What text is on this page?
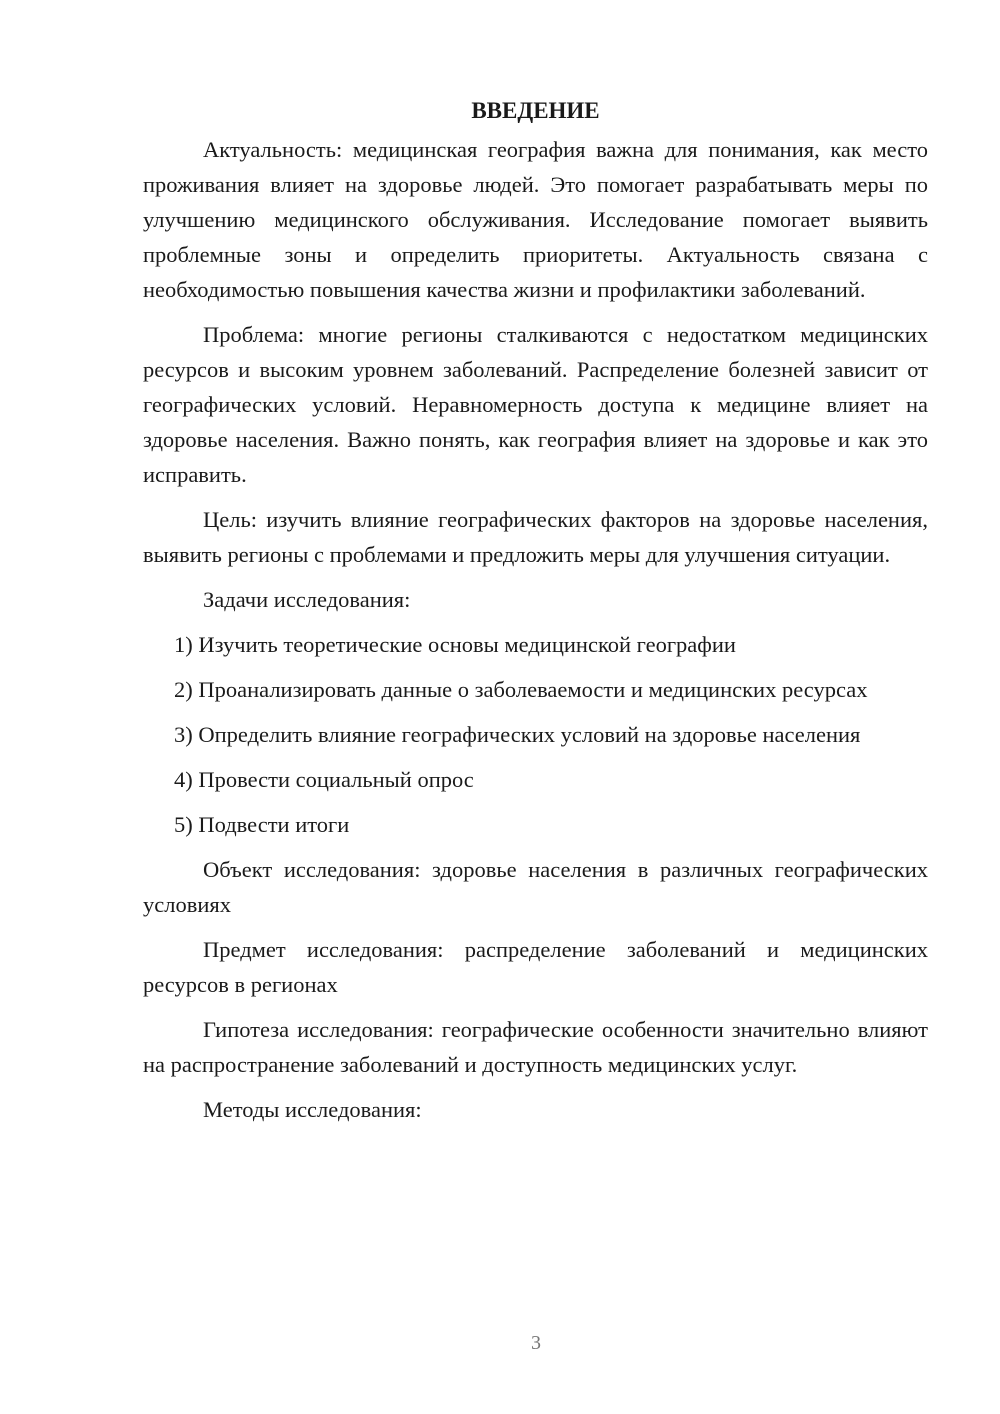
ВВЕДЕНИЕ

Актуальность: медицинская география важна для понимания, как место проживания влияет на здоровье людей. Это помогает разрабатывать меры по улучшению медицинского обслуживания. Исследование помогает выявить проблемные зоны и определить приоритеты. Актуальность связана с необходимостью повышения качества жизни и профилактики заболеваний.

Проблема: многие регионы сталкиваются с недостатком медицинских ресурсов и высоким уровнем заболеваний. Распределение болезней зависит от географических условий. Неравномерность доступа к медицине влияет на здоровье населения. Важно понять, как география влияет на здоровье и как это исправить.

Цель: изучить влияние географических факторов на здоровье населения, выявить регионы с проблемами и предложить меры для улучшения ситуации.

Задачи исследования:

1) Изучить теоретические основы медицинской географии

2) Проанализировать данные о заболеваемости и медицинских ресурсах

3) Определить влияние географических условий на здоровье населения

4) Провести социальный опрос

5) Подвести итоги

Объект исследования: здоровье населения в различных географических условиях

Предмет исследования: распределение заболеваний и медицинских ресурсов в регионах

Гипотеза исследования: географические особенности значительно влияют на распространение заболеваний и доступность медицинских услуг.

Методы исследования:

3
